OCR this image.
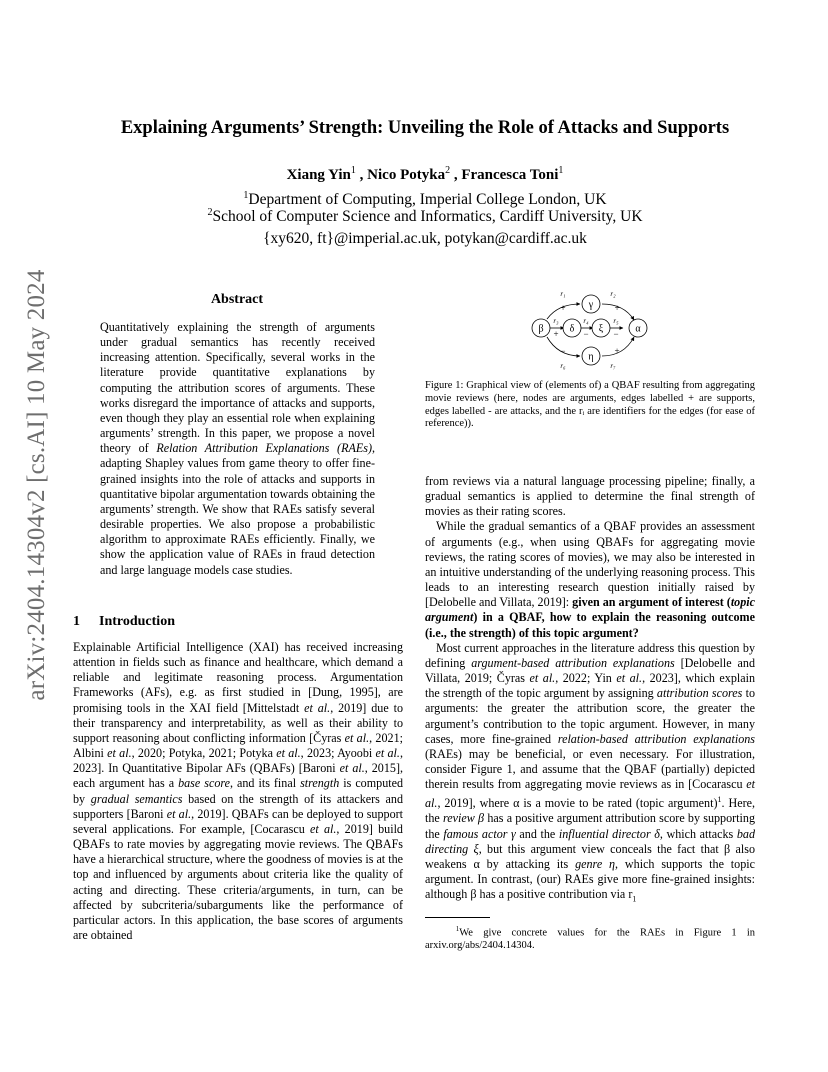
arXiv:2404.14304v2 [cs.AI] 10 May 2024
Explaining Arguments’ Strength: Unveiling the Role of Attacks and Supports
Xiang Yin$^1$ , Nico Potyka$^2$ , Francesca Toni$^1$
$^1$Department of Computing, Imperial College London, UK
$^2$School of Computer Science and Informatics, Cardiff University, UK
{xy620, ft}@imperial.ac.uk, potykan@cardiff.ac.uk
Abstract

Quantitatively explaining the strength of arguments under gradual semantics has recently received increasing attention. Specifically, several works in the literature provide quantitative explanations by computing the attribution scores of arguments. These works disregard the importance of attacks and supports, even though they play an essential role when explaining arguments’ strength. In this paper, we propose a novel theory of Relation Attribution Explanations (RAEs), adapting Shapley values from game theory to offer fine-grained insights into the role of attacks and supports in quantitative bipolar argumentation towards obtaining the arguments’ strength. We show that RAEs satisfy several desirable properties. We also propose a probabilistic algorithm to approximate RAEs efficiently. Finally, we show the application value of RAEs in fraud detection and large language models case studies.

1 Introduction

Explainable Artificial Intelligence (XAI) has received increasing attention in fields such as finance and healthcare, which demand a reliable and legitimate reasoning process. Argumentation Frameworks (AFs), e.g. as first studied in [Dung, 1995], are promising tools in the XAI field [Mittelstadt et al., 2019] due to their transparency and interpretability, as well as their ability to support reasoning about conflicting information [Čyras et al., 2021; Albini et al., 2020; Potyka, 2021; Potyka et al., 2023; Ayoobi et al., 2023]. In Quantitative Bipolar AFs (QBAFs) [Baroni et al., 2015], each argument has a base score, and its final strength is computed by gradual semantics based on the strength of its attackers and supporters [Baroni et al., 2019]. QBAFs can be deployed to support several applications. For example, [Cocarascu et al., 2019] build QBAFs to rate movies by aggregating movie reviews. The QBAFs have a hierarchical structure, where the goodness of movies is at the top and influenced by arguments about criteria like the quality of acting and directing. These criteria/arguments, in turn, can be affected by subcriteria/subarguments like the performance of particular actors. In this application, the base scores of arguments are obtained

γ
β	δ ξ	α
η
r₁	r₂
r₃	r₄	r₅
r₆	r₇
+	+
+	−	−
−	+
Figure 1: Graphical view of (elements of) a QBAF resulting from aggregating movie reviews (here, nodes are arguments, edges labelled + are supports, edges labelled - are attacks, and the rᵢ are identifiers for the edges (for ease of reference)).

from reviews via a natural language processing pipeline; finally, a gradual semantics is applied to determine the final strength of movies as their rating scores.

While the gradual semantics of a QBAF provides an assessment of arguments (e.g., when using QBAFs for aggregating movie reviews, the rating scores of movies), we may also be interested in an intuitive understanding of the underlying reasoning process. This leads to an interesting research question initially raised by [Delobelle and Villata, 2019]: given an argument of interest (topic argument) in a QBAF, how to explain the reasoning outcome (i.e., the strength) of this topic argument?

Most current approaches in the literature address this question by defining argument-based attribution explanations [Delobelle and Villata, 2019; Čyras et al., 2022; Yin et al., 2023], which explain the strength of the topic argument by assigning attribution scores to arguments: the greater the attribution score, the greater the argument’s contribution to the topic argument. However, in many cases, more fine-grained relation-based attribution explanations (RAEs) may be beneficial, or even necessary. For illustration, consider Figure 1, and assume that the QBAF (partially) depicted therein results from aggregating movie reviews as in [Cocarascu et al., 2019], where α is a movie to be rated (topic argument)$^1$. Here, the review β has a positive argument attribution score by supporting the famous actor γ and the influential director δ, which attacks bad directing ξ, but this argument view conceals the fact that β also weakens α by attacking its genre η, which supports the topic argument. In contrast, (our) RAEs give more fine-grained insights: although β has a positive contribution via $r_1$

$^1$We give concrete values for the RAEs in Figure 1 in arxiv.org/abs/2404.14304.
